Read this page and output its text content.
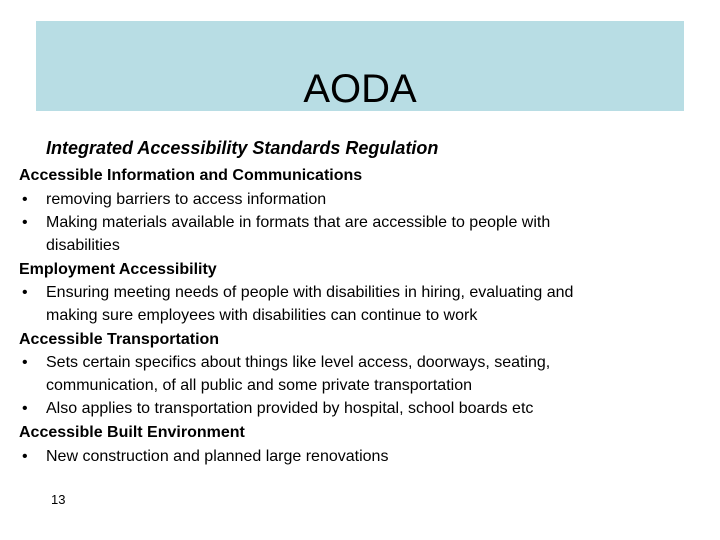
AODA
Integrated Accessibility Standards Regulation
Accessible Information and Communications
•	removing barriers to access information
•	Making materials available in formats that are accessible to people with
disabilities
Employment Accessibility
•	Ensuring meeting needs of people with disabilities in hiring, evaluating and
making sure employees with disabilities can continue to work
Accessible Transportation
•	Sets certain specifics about things like level access, doorways, seating,
communication, of all public and some private transportation
•	Also applies to transportation provided by hospital, school boards etc
Accessible Built Environment
•	New construction and planned large renovations
13
